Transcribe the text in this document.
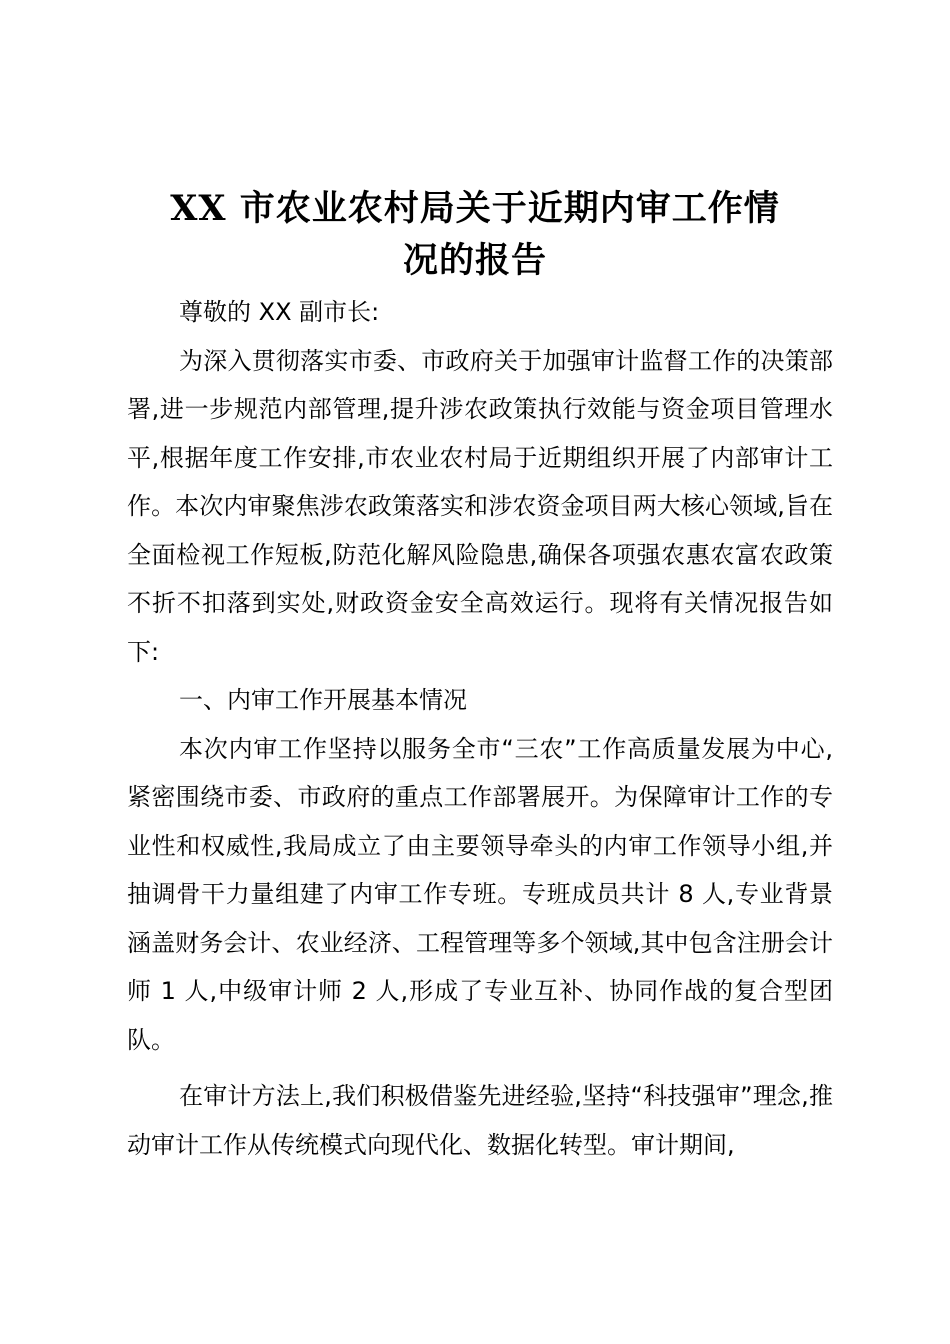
XX 市农业农村局关于近期内审工作情
况的报告

尊敬的 XX 副市长:

为深入贯彻落实市委、市政府关于加强审计监督工作的决策部署,进一步规范内部管理,提升涉农政策执行效能与资金项目管理水平,根据年度工作安排,市农业农村局于近期组织开展了内部审计工作。本次内审聚焦涉农政策落实和涉农资金项目两大核心领域,旨在全面检视工作短板,防范化解风险隐患,确保各项强农惠农富农政策不折不扣落到实处,财政资金安全高效运行。现将有关情况报告如下:

一、内审工作开展基本情况

本次内审工作坚持以服务全市“三农”工作高质量发展为中心,紧密围绕市委、市政府的重点工作部署展开。为保障审计工作的专业性和权威性,我局成立了由主要领导牵头的内审工作领导小组,并抽调骨干力量组建了内审工作专班。专班成员共计 8 人,专业背景涵盖财务会计、农业经济、工程管理等多个领域,其中包含注册会计师 1 人,中级审计师 2 人,形成了专业互补、协同作战的复合型团队。

在审计方法上,我们积极借鉴先进经验,坚持“科技强审”理念,推动审计工作从传统模式向现代化、数据化转型。审计期间,
